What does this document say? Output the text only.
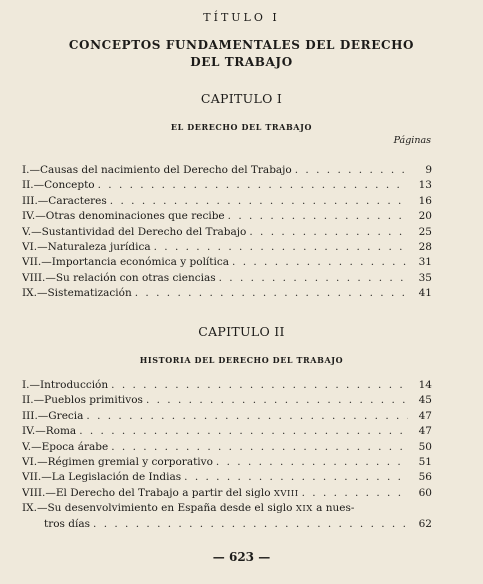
TÍTULO I
CONCEPTOS FUNDAMENTALES DEL DERECHO
DEL TRABAJO
CAPITULO I
EL DERECHO DEL TRABAJO
Páginas
I.—Causas del nacimiento del Derecho del Trabajo . . .	9
II.—Concepto . . .	13
III.—Caracteres . . .	16
IV.—Otras denominaciones que recibe . . .	20
V.—Sustantividad del Derecho del Trabajo . . .	25
VI.—Naturaleza jurídica . . .	28
VII.—Importancia económica y política . . .	31
VIII.—Su relación con otras ciencias . . .	35
IX.—Sistematización . . .	41
CAPITULO II
HISTORIA DEL DERECHO DEL TRABAJO
I.—Introducción . . .	14
II.—Pueblos primitivos . . .	45
III.—Grecia . . .	47
IV.—Roma . . .	47
V.—Epoca árabe . . .	50
VI.—Régimen gremial y corporativo . . .	51
VII.—La Legislación de Indias . . .	56
VIII.—El Derecho del Trabajo a partir del siglo XVIII . . .	60
IX.—Su desenvolvimiento en España desde el siglo XIX a nues-
tros días . . .	62
— 623 —
